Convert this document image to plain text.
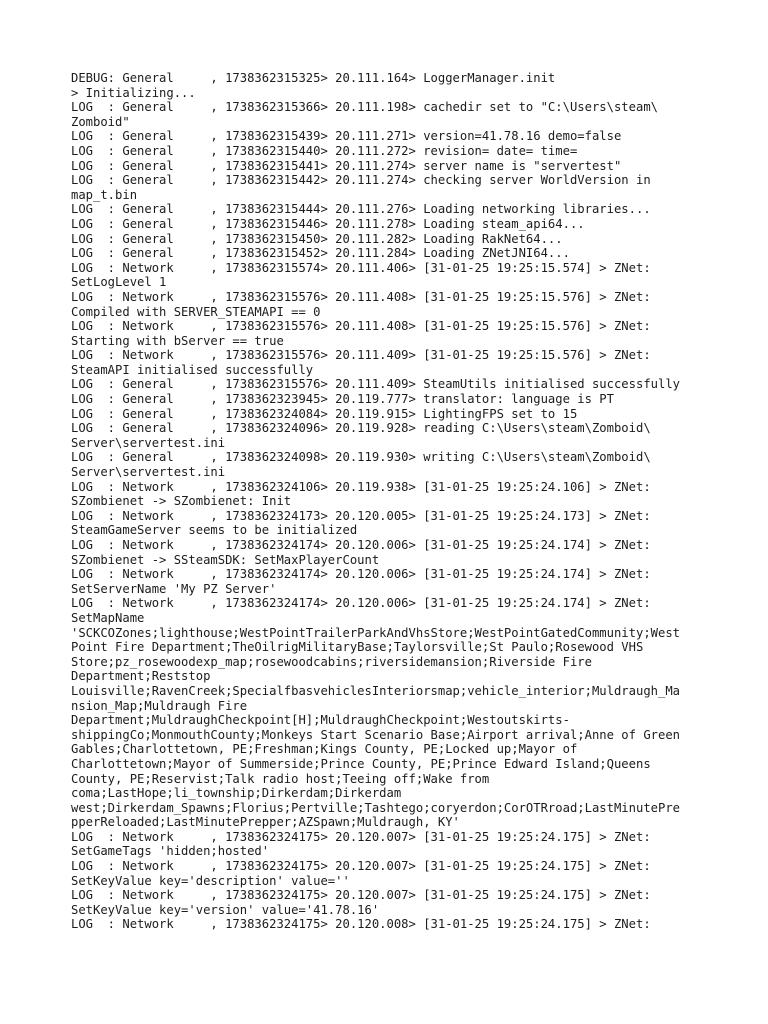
DEBUG: General     , 1738362315325> 20.111.164> LoggerManager.init
> Initializing...
LOG  : General     , 1738362315366> 20.111.198> cachedir set to "C:\Users\steam\
Zomboid"
LOG  : General     , 1738362315439> 20.111.271> version=41.78.16 demo=false
LOG  : General     , 1738362315440> 20.111.272> revision= date= time=
LOG  : General     , 1738362315441> 20.111.274> server name is "servertest"
LOG  : General     , 1738362315442> 20.111.274> checking server WorldVersion in
map_t.bin
LOG  : General     , 1738362315444> 20.111.276> Loading networking libraries...
LOG  : General     , 1738362315446> 20.111.278> Loading steam_api64...
LOG  : General     , 1738362315450> 20.111.282> Loading RakNet64...
LOG  : General     , 1738362315452> 20.111.284> Loading ZNetJNI64...
LOG  : Network     , 1738362315574> 20.111.406> [31-01-25 19:25:15.574] > ZNet:
SetLogLevel 1
LOG  : Network     , 1738362315576> 20.111.408> [31-01-25 19:25:15.576] > ZNet:
Compiled with SERVER_STEAMAPI == 0
LOG  : Network     , 1738362315576> 20.111.408> [31-01-25 19:25:15.576] > ZNet:
Starting with bServer == true
LOG  : Network     , 1738362315576> 20.111.409> [31-01-25 19:25:15.576] > ZNet:
SteamAPI initialised successfully
LOG  : General     , 1738362315576> 20.111.409> SteamUtils initialised successfully
LOG  : General     , 1738362323945> 20.119.777> translator: language is PT
LOG  : General     , 1738362324084> 20.119.915> LightingFPS set to 15
LOG  : General     , 1738362324096> 20.119.928> reading C:\Users\steam\Zomboid\
Server\servertest.ini
LOG  : General     , 1738362324098> 20.119.930> writing C:\Users\steam\Zomboid\
Server\servertest.ini
LOG  : Network     , 1738362324106> 20.119.938> [31-01-25 19:25:24.106] > ZNet:
SZombienet -> SZombienet: Init
LOG  : Network     , 1738362324173> 20.120.005> [31-01-25 19:25:24.173] > ZNet:
SteamGameServer seems to be initialized
LOG  : Network     , 1738362324174> 20.120.006> [31-01-25 19:25:24.174] > ZNet:
SZombienet -> SSteamSDK: SetMaxPlayerCount
LOG  : Network     , 1738362324174> 20.120.006> [31-01-25 19:25:24.174] > ZNet:
SetServerName 'My PZ Server'
LOG  : Network     , 1738362324174> 20.120.006> [31-01-25 19:25:24.174] > ZNet:
SetMapName
'SCKCOZones;lighthouse;WestPointTrailerParkAndVhsStore;WestPointGatedCommunity;West
Point Fire Department;TheOilrigMilitaryBase;Taylorsville;St Paulo;Rosewood VHS
Store;pz_rosewoodexp_map;rosewoodcabins;riversidemansion;Riverside Fire
Department;Reststop
Louisville;RavenCreek;SpecialfbasvehiclesInteriorsmap;vehicle_interior;Muldraugh_Ma
nsion_Map;Muldraugh Fire
Department;MuldraughCheckpoint[H];MuldraughCheckpoint;Westoutskirts-
shippingCo;MonmouthCounty;Monkeys Start Scenario Base;Airport arrival;Anne of Green
Gables;Charlottetown, PE;Freshman;Kings County, PE;Locked up;Mayor of
Charlottetown;Mayor of Summerside;Prince County, PE;Prince Edward Island;Queens
County, PE;Reservist;Talk radio host;Teeing off;Wake from
coma;LastHope;li_township;Dirkerdam;Dirkerdam
west;Dirkerdam_Spawns;Florius;Pertville;Tashtego;coryerdon;CorOTRroad;LastMinutePre
pperReloaded;LastMinutePrepper;AZSpawn;Muldraugh, KY'
LOG  : Network     , 1738362324175> 20.120.007> [31-01-25 19:25:24.175] > ZNet:
SetGameTags 'hidden;hosted'
LOG  : Network     , 1738362324175> 20.120.007> [31-01-25 19:25:24.175] > ZNet:
SetKeyValue key='description' value=''
LOG  : Network     , 1738362324175> 20.120.007> [31-01-25 19:25:24.175] > ZNet:
SetKeyValue key='version' value='41.78.16'
LOG  : Network     , 1738362324175> 20.120.008> [31-01-25 19:25:24.175] > ZNet:
